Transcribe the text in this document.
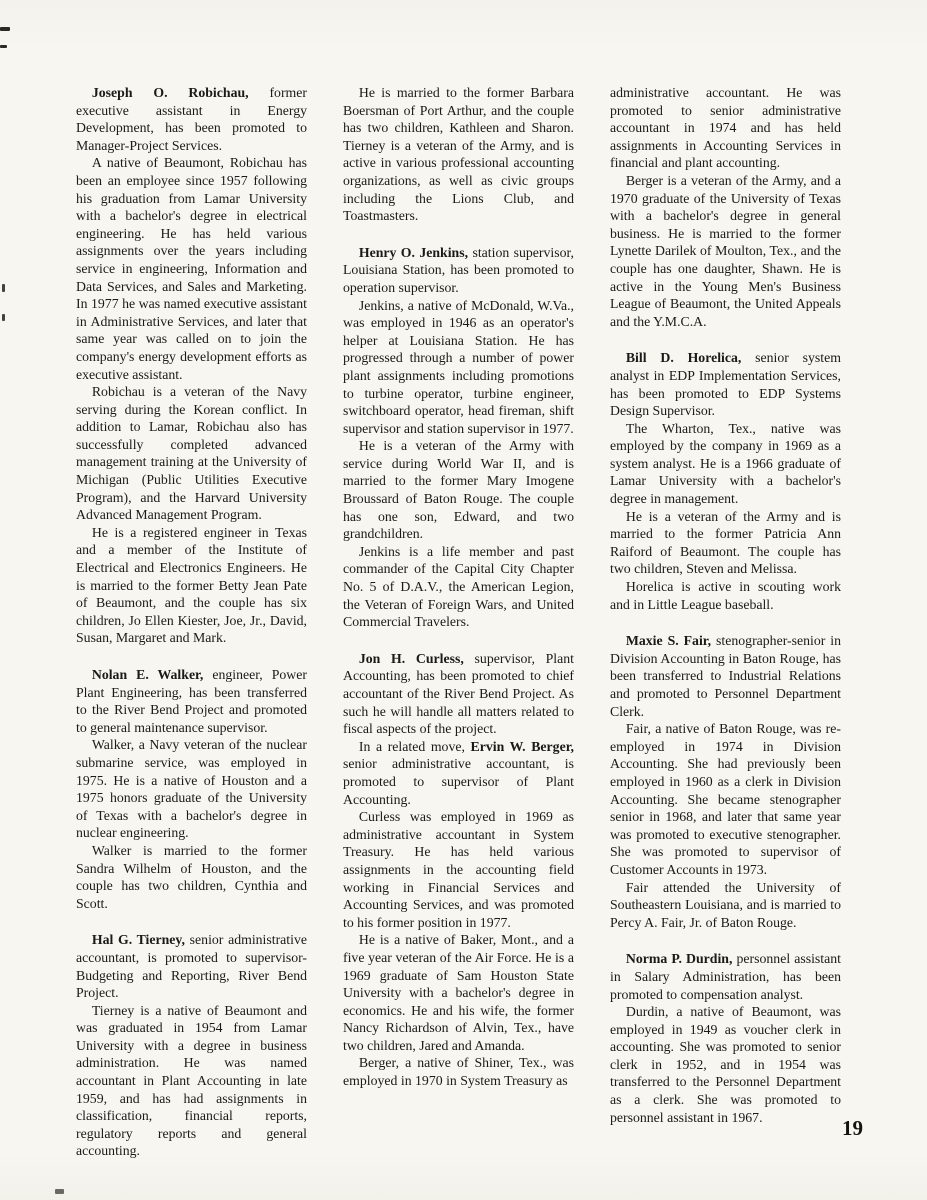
Joseph O. Robichau, former executive assistant in Energy Development, has been promoted to Manager-Project Services.

A native of Beaumont, Robichau has been an employee since 1957 following his graduation from Lamar University with a bachelor's degree in electrical engineering. He has held various assignments over the years including service in engineering, Information and Data Services, and Sales and Marketing. In 1977 he was named executive assistant in Administrative Services, and later that same year was called on to join the company's energy development efforts as executive assistant.

Robichau is a veteran of the Navy serving during the Korean conflict. In addition to Lamar, Robichau also has successfully completed advanced management training at the University of Michigan (Public Utilities Executive Program), and the Harvard University Advanced Management Program.

He is a registered engineer in Texas and a member of the Institute of Electrical and Electronics Engineers. He is married to the former Betty Jean Pate of Beaumont, and the couple has six children, Jo Ellen Kiester, Joe, Jr., David, Susan, Margaret and Mark.

Nolan E. Walker, engineer, Power Plant Engineering, has been transferred to the River Bend Project and promoted to general maintenance supervisor.

Walker, a Navy veteran of the nuclear submarine service, was employed in 1975. He is a native of Houston and a 1975 honors graduate of the University of Texas with a bachelor's degree in nuclear engineering.

Walker is married to the former Sandra Wilhelm of Houston, and the couple has two children, Cynthia and Scott.

Hal G. Tierney, senior administrative accountant, is promoted to supervisor-Budgeting and Reporting, River Bend Project.

Tierney is a native of Beaumont and was graduated in 1954 from Lamar University with a degree in business administration. He was named accountant in Plant Accounting in late 1959, and has had assignments in classification, financial reports, regulatory reports and general accounting.

He is married to the former Barbara Boersman of Port Arthur, and the couple has two children, Kathleen and Sharon. Tierney is a veteran of the Army, and is active in various professional accounting organizations, as well as civic groups including the Lions Club, and Toastmasters.

Henry O. Jenkins, station supervisor, Louisiana Station, has been promoted to operation supervisor.

Jenkins, a native of McDonald, W.Va., was employed in 1946 as an operator's helper at Louisiana Station. He has progressed through a number of power plant assignments including promotions to turbine operator, turbine engineer, switchboard operator, head fireman, shift supervisor and station supervisor in 1977.

He is a veteran of the Army with service during World War II, and is married to the former Mary Imogene Broussard of Baton Rouge. The couple has one son, Edward, and two grandchildren.

Jenkins is a life member and past commander of the Capital City Chapter No. 5 of D.A.V., the American Legion, the Veteran of Foreign Wars, and United Commercial Travelers.

Jon H. Curless, supervisor, Plant Accounting, has been promoted to chief accountant of the River Bend Project. As such he will handle all matters related to fiscal aspects of the project.

In a related move, Ervin W. Berger, senior administrative accountant, is promoted to supervisor of Plant Accounting.

Curless was employed in 1969 as administrative accountant in System Treasury. He has held various assignments in the accounting field working in Financial Services and Accounting Services, and was promoted to his former position in 1977.

He is a native of Baker, Mont., and a five year veteran of the Air Force. He is a 1969 graduate of Sam Houston State University with a bachelor's degree in economics. He and his wife, the former Nancy Richardson of Alvin, Tex., have two children, Jared and Amanda.

Berger, a native of Shiner, Tex., was employed in 1970 in System Treasury as

administrative accountant. He was promoted to senior administrative accountant in 1974 and has held assignments in Accounting Services in financial and plant accounting.

Berger is a veteran of the Army, and a 1970 graduate of the University of Texas with a bachelor's degree in general business. He is married to the former Lynette Darilek of Moulton, Tex., and the couple has one daughter, Shawn. He is active in the Young Men's Business League of Beaumont, the United Appeals and the Y.M.C.A.

Bill D. Horelica, senior system analyst in EDP Implementation Services, has been promoted to EDP Systems Design Supervisor.

The Wharton, Tex., native was employed by the company in 1969 as a system analyst. He is a 1966 graduate of Lamar University with a bachelor's degree in management.

He is a veteran of the Army and is married to the former Patricia Ann Raiford of Beaumont. The couple has two children, Steven and Melissa.

Horelica is active in scouting work and in Little League baseball.

Maxie S. Fair, stenographer-senior in Division Accounting in Baton Rouge, has been transferred to Industrial Relations and promoted to Personnel Department Clerk.

Fair, a native of Baton Rouge, was re-employed in 1974 in Division Accounting. She had previously been employed in 1960 as a clerk in Division Accounting. She became stenographer senior in 1968, and later that same year was promoted to executive stenographer. She was promoted to supervisor of Customer Accounts in 1973.

Fair attended the University of Southeastern Louisiana, and is married to Percy A. Fair, Jr. of Baton Rouge.

Norma P. Durdin, personnel assistant in Salary Administration, has been promoted to compensation analyst.

Durdin, a native of Beaumont, was employed in 1949 as voucher clerk in accounting. She was promoted to senior clerk in 1952, and in 1954 was transferred to the Personnel Department as a clerk. She was promoted to personnel assistant in 1967.	19
